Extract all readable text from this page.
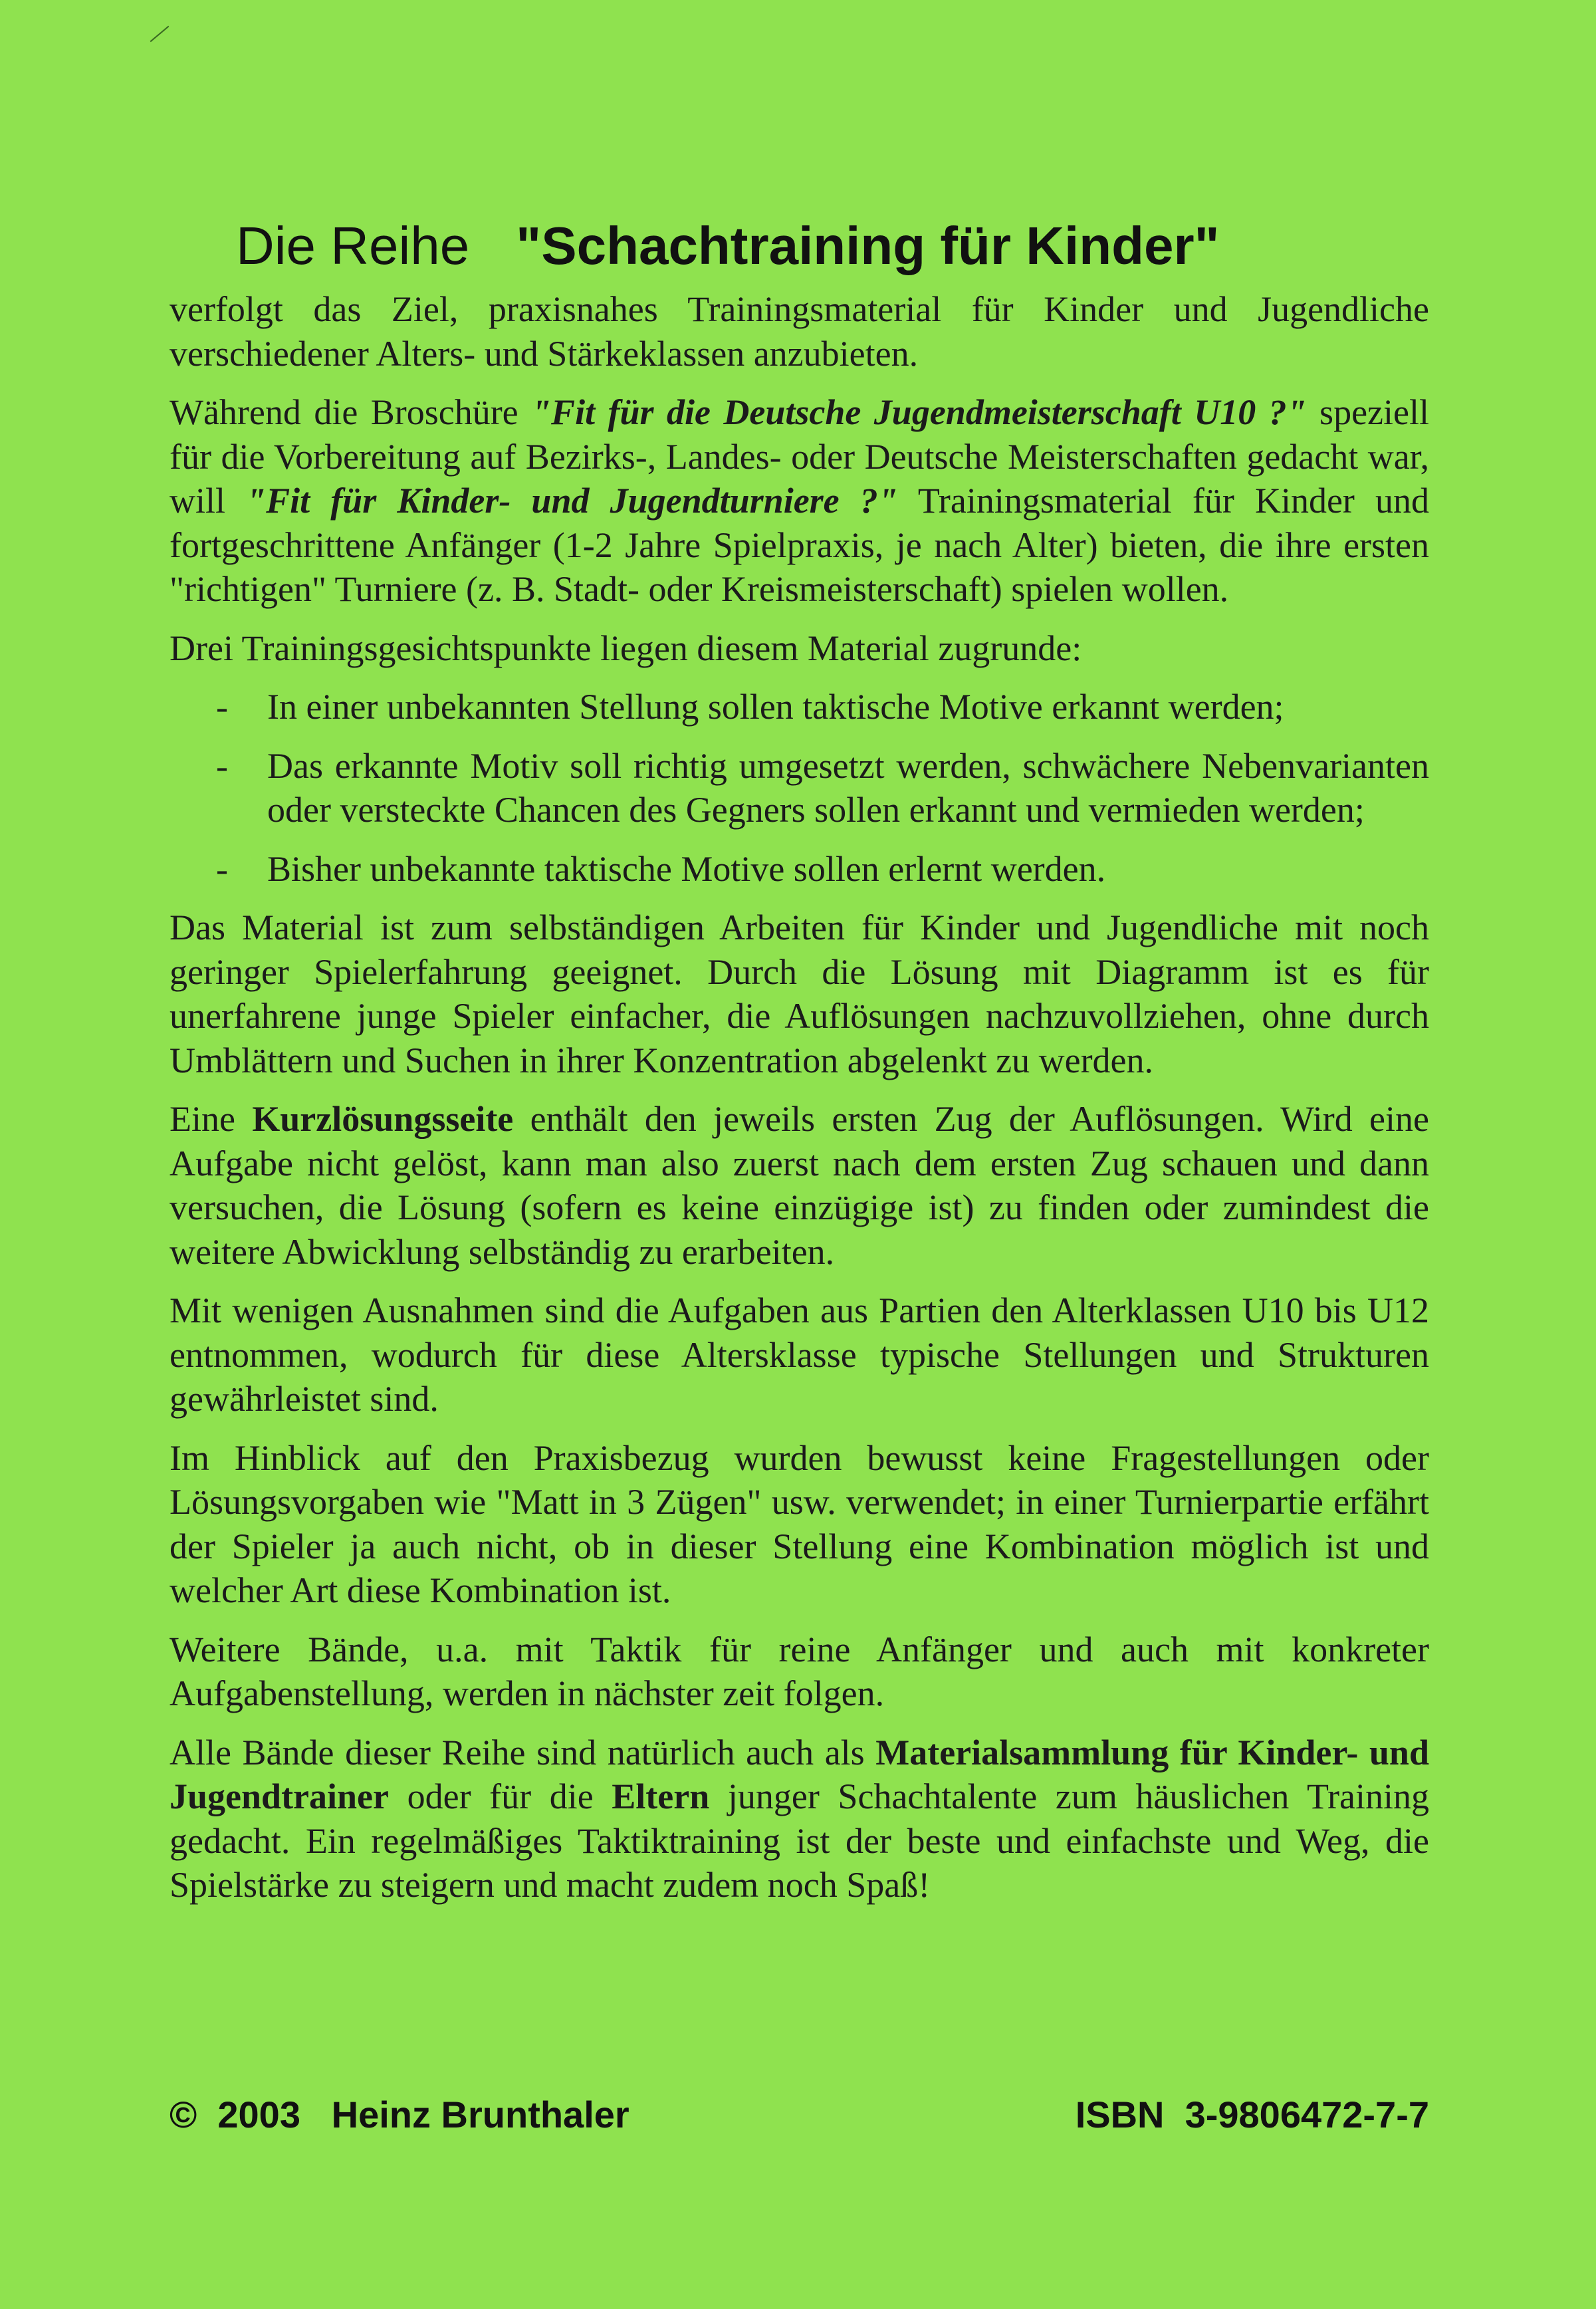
Die Reihe "Schachtraining für Kinder"

verfolgt das Ziel, praxisnahes Trainingsmaterial für Kinder und Jugendliche verschiedener Alters- und Stärkeklassen anzubieten.

Während die Broschüre "Fit für die Deutsche Jugendmeisterschaft U10 ?" speziell für die Vorbereitung auf Bezirks-, Landes- oder Deutsche Meisterschaften gedacht war, will "Fit für Kinder- und Jugendturniere ?" Trainingsmaterial für Kinder und fortgeschrittene Anfänger (1-2 Jahre Spielpraxis, je nach Alter) bieten, die ihre ersten "richtigen" Turniere (z. B. Stadt- oder Kreismeisterschaft) spielen wollen.

Drei Trainingsgesichtspunkte liegen diesem Material zugrunde:

- In einer unbekannten Stellung sollen taktische Motive erkannt werden;
- Das erkannte Motiv soll richtig umgesetzt werden, schwächere Nebenvarianten oder versteckte Chancen des Gegners sollen erkannt und vermieden werden;
- Bisher unbekannte taktische Motive sollen erlernt werden.

Das Material ist zum selbständigen Arbeiten für Kinder und Jugendliche mit noch geringer Spielerfahrung geeignet. Durch die Lösung mit Diagramm ist es für unerfahrene junge Spieler einfacher, die Auflösungen nachzuvollziehen, ohne durch Umblättern und Suchen in ihrer Konzentration abgelenkt zu werden.

Eine Kurzlösungsseite enthält den jeweils ersten Zug der Auflösungen. Wird eine Aufgabe nicht gelöst, kann man also zuerst nach dem ersten Zug schauen und dann versuchen, die Lösung (sofern es keine einzügige ist) zu finden oder zumindest die weitere Abwicklung selbständig zu erarbeiten.

Mit wenigen Ausnahmen sind die Aufgaben aus Partien den Alterklassen U10 bis U12 entnommen, wodurch für diese Altersklasse typische Stellungen und Strukturen gewährleistet sind.

Im Hinblick auf den Praxisbezug wurden bewusst keine Fragestellungen oder Lösungsvorgaben wie "Matt in 3 Zügen" usw. verwendet; in einer Turnierpartie erfährt der Spieler ja auch nicht, ob in dieser Stellung eine Kombination möglich ist und welcher Art diese Kombination ist.

Weitere Bände, u.a. mit Taktik für reine Anfänger und auch mit konkreter Aufgabenstellung, werden in nächster zeit folgen.

Alle Bände dieser Reihe sind natürlich auch als Materialsammlung für Kinder- und Jugendtrainer oder für die Eltern junger Schachtalente zum häuslichen Training gedacht. Ein regelmäßiges Taktiktraining ist der beste und einfachste und Weg, die Spielstärke zu steigern und macht zudem noch Spaß!

©  2003   Heinz Brunthaler	ISBN  3-9806472-7-7
